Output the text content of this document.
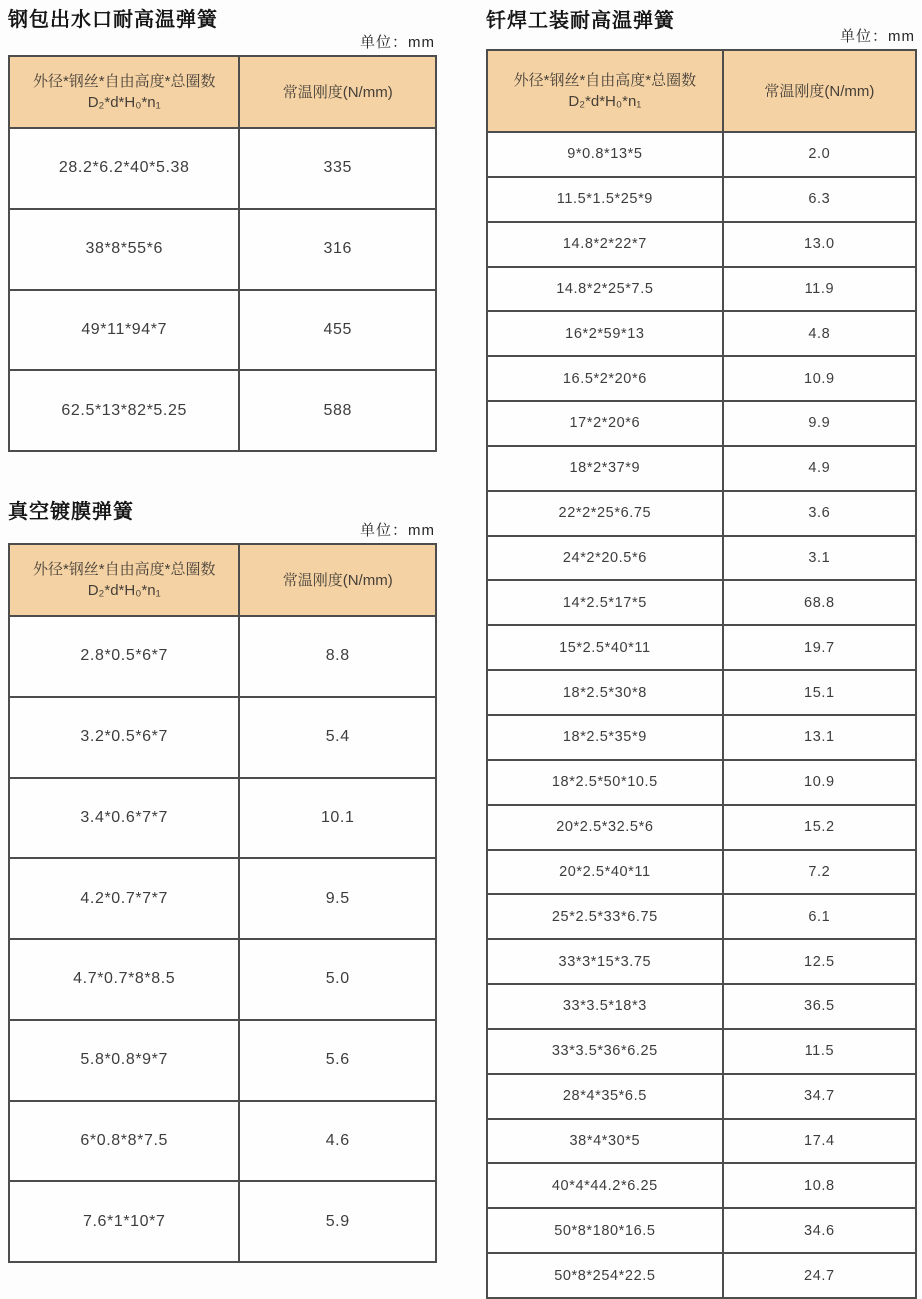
钢包出水口耐高温弹簧
单位：mm
外径*钢丝*自由高度*总圈数
D₂*d*H₀*n₁	常温刚度(N/mm)
28.2*6.2*40*5.38	335
38*8*55*6	316
49*11*94*7	455
62.5*13*82*5.25	588
真空镀膜弹簧
单位：mm
外径*钢丝*自由高度*总圈数
D₂*d*H₀*n₁	常温刚度(N/mm)
2.8*0.5*6*7	8.8
3.2*0.5*6*7	5.4
3.4*0.6*7*7	10.1
4.2*0.7*7*7	9.5
4.7*0.7*8*8.5	5.0
5.8*0.8*9*7	5.6
6*0.8*8*7.5	4.6
7.6*1*10*7	5.9
钎焊工装耐高温弹簧
单位：mm
外径*钢丝*自由高度*总圈数
D₂*d*H₀*n₁	常温刚度(N/mm)
9*0.8*13*5	2.0
11.5*1.5*25*9	6.3
14.8*2*22*7	13.0
14.8*2*25*7.5	11.9
16*2*59*13	4.8
16.5*2*20*6	10.9
17*2*20*6	9.9
18*2*37*9	4.9
22*2*25*6.75	3.6
24*2*20.5*6	3.1
14*2.5*17*5	68.8
15*2.5*40*11	19.7
18*2.5*30*8	15.1
18*2.5*35*9	13.1
18*2.5*50*10.5	10.9
20*2.5*32.5*6	15.2
20*2.5*40*11	7.2
25*2.5*33*6.75	6.1
33*3*15*3.75	12.5
33*3.5*18*3	36.5
33*3.5*36*6.25	11.5
28*4*35*6.5	34.7
38*4*30*5	17.4
40*4*44.2*6.25	10.8
50*8*180*16.5	34.6
50*8*254*22.5	24.7
